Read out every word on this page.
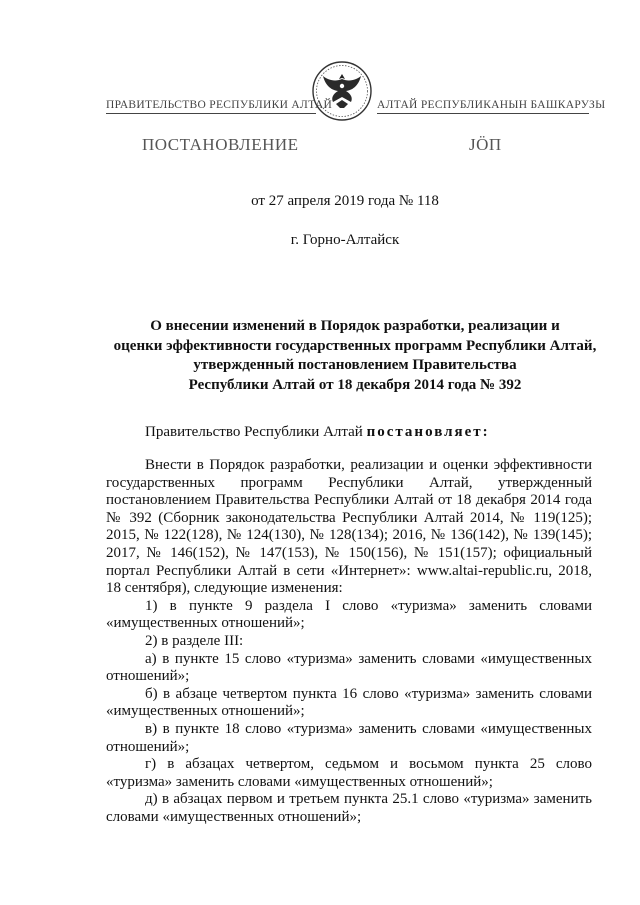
ПРАВИТЕЛЬСТВО РЕСПУБЛИКИ АЛТАЙ	АЛТАЙ РЕСПУБЛИКАНЫН БАШКАРУЗЫ
ПОСТАНОВЛЕНИЕ	JÖП
от 27 апреля 2019 года № 118
г. Горно-Алтайск
О внесении изменений в Порядок разработки, реализации и
оценки эффективности государственных программ Республики Алтай,
утвержденный постановлением Правительства
Республики Алтай от 18 декабря 2014 года № 392
Правительство Республики Алтай постановляет:

Внести в Порядок разработки, реализации и оценки эффективности государственных программ Республики Алтай, утвержденный постановлением Правительства Республики Алтай от 18 декабря 2014 года № 392 (Сборник законодательства Республики Алтай 2014, № 119(125); 2015, № 122(128), № 124(130), № 128(134); 2016, № 136(142), № 139(145); 2017, № 146(152), № 147(153), № 150(156), № 151(157); официальный портал Республики Алтай в сети «Интернет»: www.altai-republic.ru, 2018, 18 сентября), следующие изменения:

1) в пункте 9 раздела I слово «туризма» заменить словами «имущественных отношений»;

2) в разделе III:

а) в пункте 15 слово «туризма» заменить словами «имущественных отношений»;

б) в абзаце четвертом пункта 16 слово «туризма» заменить словами «имущественных отношений»;

в) в пункте 18 слово «туризма» заменить словами «имущественных отношений»;

г) в абзацах четвертом, седьмом и восьмом пункта 25 слово «туризма» заменить словами «имущественных отношений»;

д) в абзацах первом и третьем пункта 25.1 слово «туризма» заменить словами «имущественных отношений»;
